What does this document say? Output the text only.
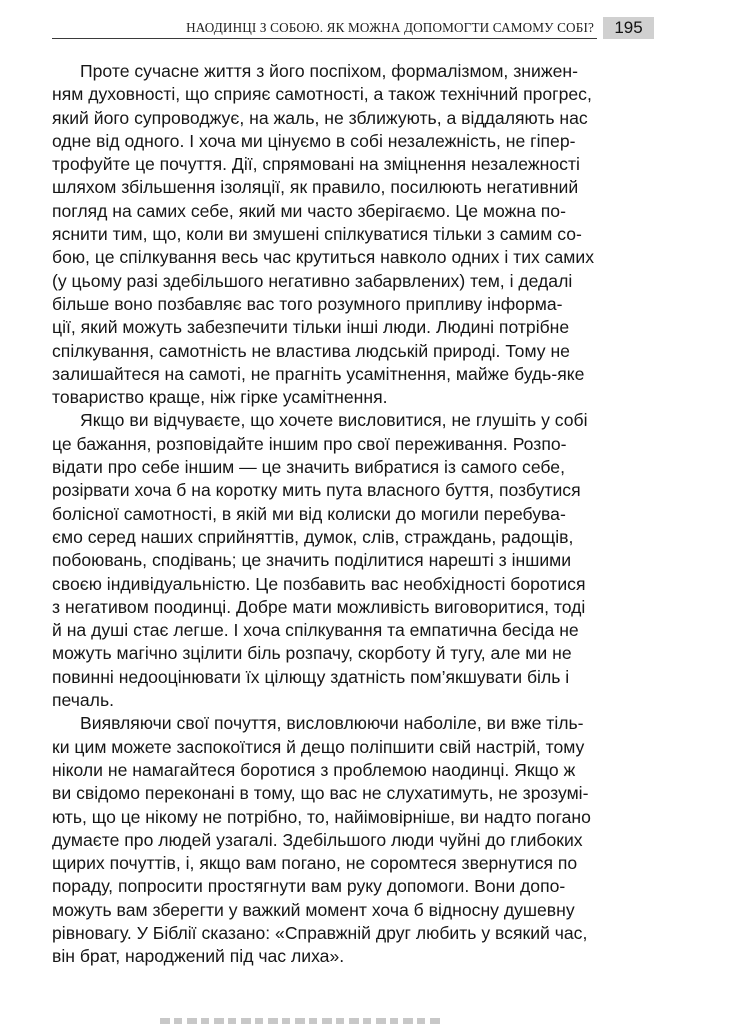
НАОДИНЦІ З СОБОЮ. ЯК МОЖНА ДОПОМОГТИ САМОМУ СОБІ?	195

Проте сучасне життя з його поспіхом, формалізмом, знижен-
ням духовності, що сприяє самотності, а також технічний прогрес,
який його супроводжує, на жаль, не зближують, а віддаляють нас
одне від одного. І хоча ми цінуємо в собі незалежність, не гіпер-
трофуйте це почуття. Дії, спрямовані на зміцнення незалежності
шляхом збільшення ізоляції, як правило, посилюють негативний
погляд на самих себе, який ми часто зберігаємо. Це можна по-
яснити тим, що, коли ви змушені спілкуватися тільки з самим со-
бою, це спілкування весь час крутиться навколо одних і тих самих
(у цьому разі здебільшого негативно забарвлених) тем, і дедалі
більше воно позбавляє вас того розумного припливу інформа-
ції, який можуть забезпечити тільки інші люди. Людині потрібне
спілкування, самотність не властива людській природі. Тому не
залишайтеся на самоті, не прагніть усамітнення, майже будь-яке
товариство краще, ніж гірке усамітнення.

Якщо ви відчуваєте, що хочете висловитися, не глушіть у собі
це бажання, розповідайте іншим про свої переживання. Розпо-
відати про себе іншим — це значить вибратися із самого себе,
розірвати хоча б на коротку мить пута власного буття, позбутися
болісної самотності, в якій ми від колиски до могили перебува-
ємо серед наших сприйняттів, думок, слів, страждань, радощів,
побоювань, сподівань; це значить поділитися нарешті з іншими
своєю індивідуальністю. Це позбавить вас необхідності боротися
з негативом поодинці. Добре мати можливість виговоритися, тоді
й на душі стає легше. І хоча спілкування та емпатична бесіда не
можуть магічно зцілити біль розпачу, скорботу й тугу, але ми не
повинні недооцінювати їх цілющу здатність пом’якшувати біль і
печаль.

Виявляючи свої почуття, висловлюючи наболіле, ви вже тіль-
ки цим можете заспокоїтися й дещо поліпшити свій настрій, тому
ніколи не намагайтеся боротися з проблемою наодинці. Якщо ж
ви свідомо переконані в тому, що вас не слухатимуть, не зрозумі-
ють, що це нікому не потрібно, то, найімовірніше, ви надто погано
думаєте про людей узагалі. Здебільшого люди чуйні до глибоких
щирих почуттів, і, якщо вам погано, не соромтеся звернутися по
пораду, попросити простягнути вам руку допомоги. Вони допо-
можуть вам зберегти у важкий момент хоча б відносну душевну
рівновагу. У Біблії сказано: «Справжній друг любить у всякий час,
він брат, народжений під час лиха».
